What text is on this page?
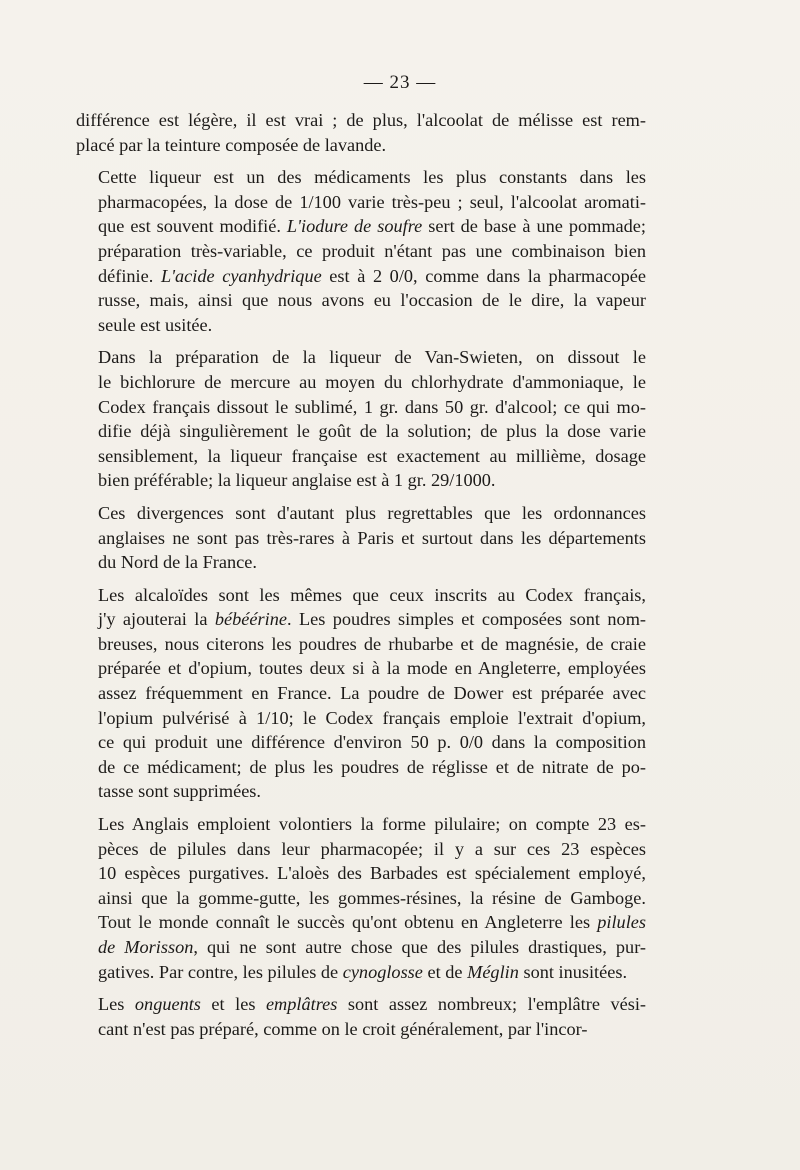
— 23 —

différence est légère, il est vrai ; de plus, l'alcoolat de mélisse est rem-
placé par la teinture composée de lavande.

Cette liqueur est un des médicaments les plus constants dans les
pharmacopées, la dose de 1/100 varie très-peu ; seul, l'alcoolat aromati-
que est souvent modifié. L'iodure de soufre sert de base à une pommade;
préparation très-variable, ce produit n'étant pas une combinaison bien
définie. L'acide cyanhydrique est à 2 0/0, comme dans la pharmacopée
russe, mais, ainsi que nous avons eu l'occasion de le dire, la vapeur
seule est usitée.

Dans la préparation de la liqueur de Van-Swieten, on dissout le
le bichlorure de mercure au moyen du chlorhydrate d'ammoniaque, le
Codex français dissout le sublimé, 1 gr. dans 50 gr. d'alcool; ce qui mo-
difie déjà singulièrement le goût de la solution; de plus la dose varie
sensiblement, la liqueur française est exactement au millième, dosage
bien préférable; la liqueur anglaise est à 1 gr. 29/1000.

Ces divergences sont d'autant plus regrettables que les ordonnances
anglaises ne sont pas très-rares à Paris et surtout dans les départements
du Nord de la France.

Les alcaloïdes sont les mêmes que ceux inscrits au Codex français,
j'y ajouterai la bébéérine. Les poudres simples et composées sont nom-
breuses, nous citerons les poudres de rhubarbe et de magnésie, de craie
préparée et d'opium, toutes deux si à la mode en Angleterre, employées
assez fréquemment en France. La poudre de Dower est préparée avec
l'opium pulvérisé à 1/10; le Codex français emploie l'extrait d'opium,
ce qui produit une différence d'environ 50 p. 0/0 dans la composition
de ce médicament; de plus les poudres de réglisse et de nitrate de po-
tasse sont supprimées.

Les Anglais emploient volontiers la forme pilulaire; on compte 23 es-
pèces de pilules dans leur pharmacopée; il y a sur ces 23 espèces
10 espèces purgatives. L'aloès des Barbades est spécialement employé,
ainsi que la gomme-gutte, les gommes-résines, la résine de Gamboge.
Tout le monde connaît le succès qu'ont obtenu en Angleterre les pilules
de Morisson, qui ne sont autre chose que des pilules drastiques, pur-
gatives. Par contre, les pilules de cynoglosse et de Méglin sont inusitées.

Les onguents et les emplâtres sont assez nombreux; l'emplâtre vési-
cant n'est pas préparé, comme on le croit généralement, par l'incor-
